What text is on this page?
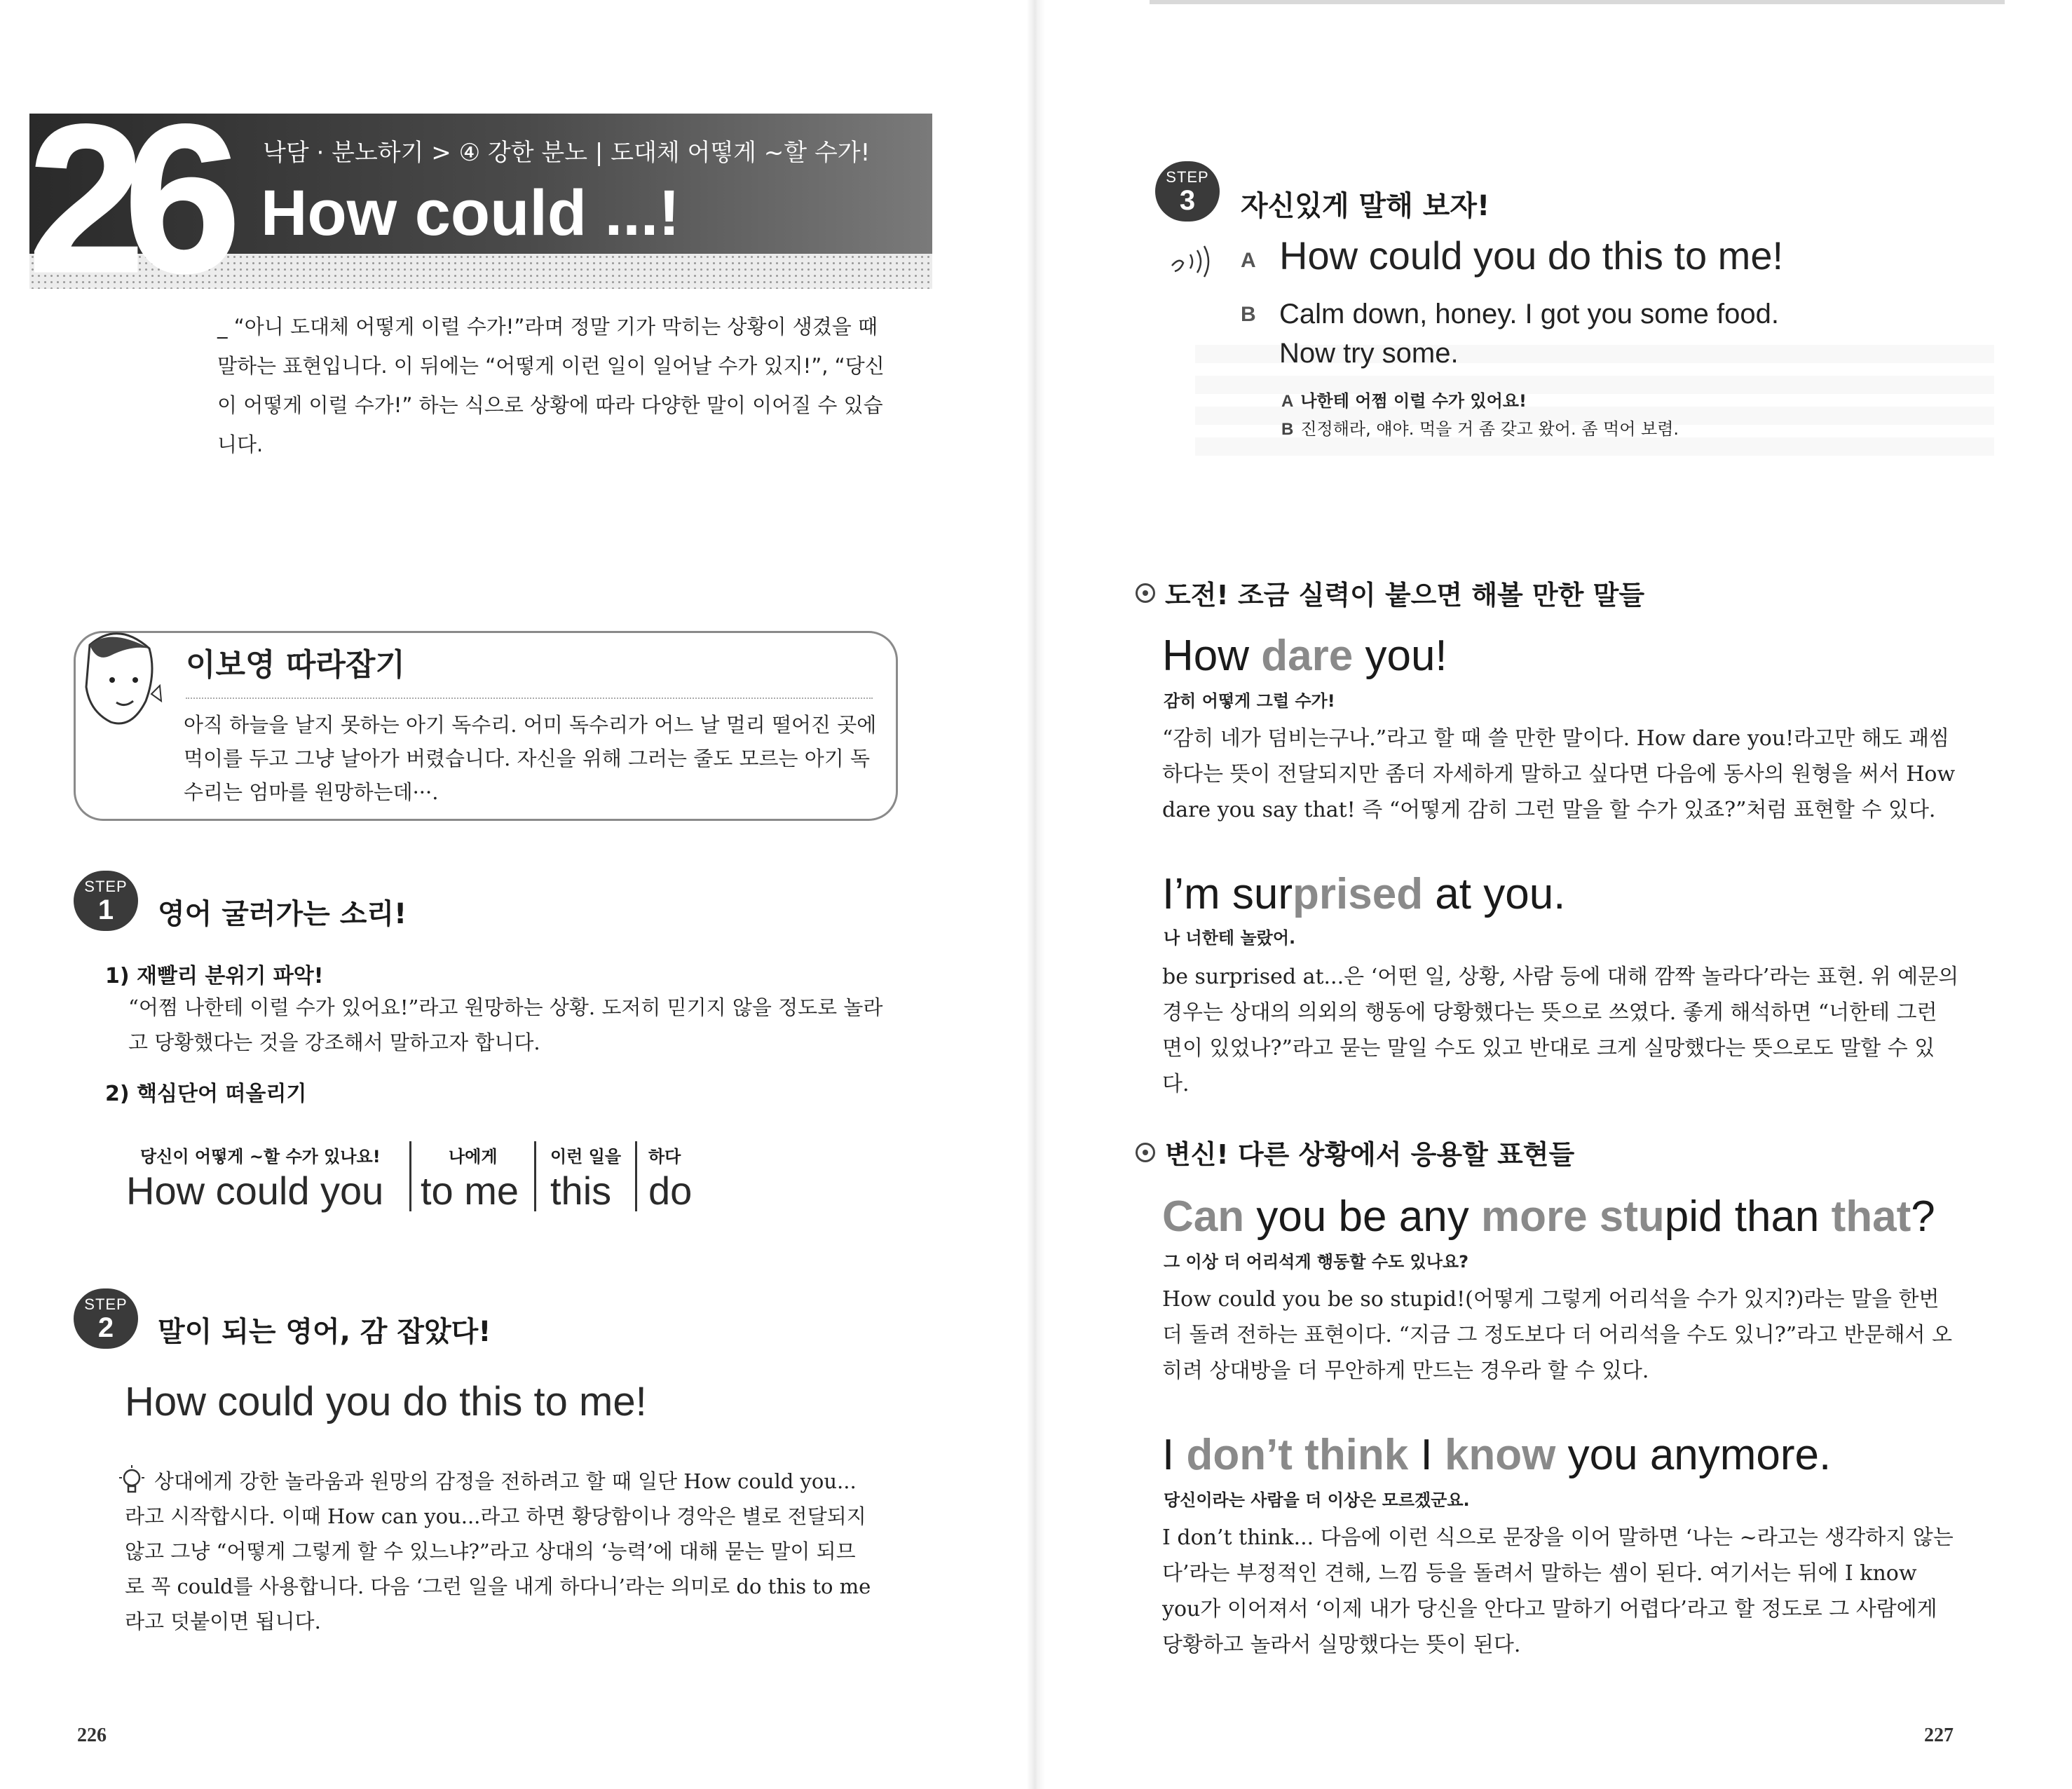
26 낙담 · 분노하기 > ④ 강한 분노 | 도대체 어떻게 ~할 수가!
How could ...!
_ “아니 도대체 어떻게 이럴 수가!”라며 정말 기가 막히는 상황이 생겼을 때 말하는 표현입니다. 이 뒤에는 “어떻게 이런 일이 일어날 수가 있지!”, “당신이 어떻게 이럴 수가!” 하는 식으로 상황에 따라 다양한 말이 이어질 수 있습니다.
이보영 따라잡기
아직 하늘을 날지 못하는 아기 독수리. 어미 독수리가 어느 날 멀리 떨어진 곳에 먹이를 두고 그냥 날아가 버렸습니다. 자신을 위해 그러는 줄도 모르는 아기 독수리는 엄마를 원망하는데···.
STEP
1	영어 굴러가는 소리!
1) 재빨리 분위기 파악!
“어쩜 나한테 이럴 수가 있어요!”라고 원망하는 상황. 도저히 믿기지 않을 정도로 놀라고 당황했다는 것을 강조해서 말하고자 합니다.
2) 핵심단어 떠올리기
당신이 어떻게 ~할 수가 있나요!
How could you
나에게
to me
이런 일을
this
하다
do
STEP
2	말이 되는 영어, 감 잡았다!
How could you do this to me!
상대에게 강한 놀라움과 원망의 감정을 전하려고 할 때 일단 How could you... 라고 시작합시다. 이때 How can you...라고 하면 황당함이나 경악은 별로 전달되지 않고 그냥 “어떻게 그렇게 할 수 있느냐?”라고 상대의 ‘능력’에 대해 묻는 말이 되므로 꼭 could를 사용합니다. 다음 ‘그런 일을 내게 하다니’라는 의미로 do this to me라고 덧붙이면 됩니다.
226
STEP
3	자신있게 말해 보자!
A How could you do this to me!
B Calm down, honey. I got you some food.
Now try some.
A 나한테 어쩜 이럴 수가 있어요!
B 진정해라, 얘야. 먹을 거 좀 갖고 왔어. 좀 먹어 보렴.
도전! 조금 실력이 붙으면 해볼 만한 말들
How dare you!
감히 어떻게 그럴 수가!
“감히 네가 덤비는구나.”라고 할 때 쓸 만한 말이다. How dare you!라고만 해도 괘씸하다는 뜻이 전달되지만 좀더 자세하게 말하고 싶다면 다음에 동사의 원형을 써서 How dare you say that! 즉 “어떻게 감히 그런 말을 할 수가 있죠?”처럼 표현할 수 있다.
I’m surprised at you.
나 너한테 놀랐어.
be surprised at...은 ‘어떤 일, 상황, 사람 등에 대해 깜짝 놀라다’라는 표현. 위 예문의 경우는 상대의 의외의 행동에 당황했다는 뜻으로 쓰였다. 좋게 해석하면 “너한테 그런 면이 있었나?”라고 묻는 말일 수도 있고 반대로 크게 실망했다는 뜻으로도 말할 수 있다.
변신! 다른 상황에서 응용할 표현들
Can you be any more stupid than that?
그 이상 더 어리석게 행동할 수도 있나요?
How could you be so stupid!(어떻게 그렇게 어리석을 수가 있지?)라는 말을 한번 더 돌려 전하는 표현이다. “지금 그 정도보다 더 어리석을 수도 있니?”라고 반문해서 오히려 상대방을 더 무안하게 만드는 경우라 할 수 있다.
I don’t think I know you anymore.
당신이라는 사람을 더 이상은 모르겠군요.
I don’t think... 다음에 이런 식으로 문장을 이어 말하면 ‘나는 ~라고는 생각하지 않는다’라는 부정적인 견해, 느낌 등을 돌려서 말하는 셈이 된다. 여기서는 뒤에 I know you가 이어져서 ‘이제 내가 당신을 안다고 말하기 어렵다’라고 할 정도로 그 사람에게 당황하고 놀라서 실망했다는 뜻이 된다.
227
